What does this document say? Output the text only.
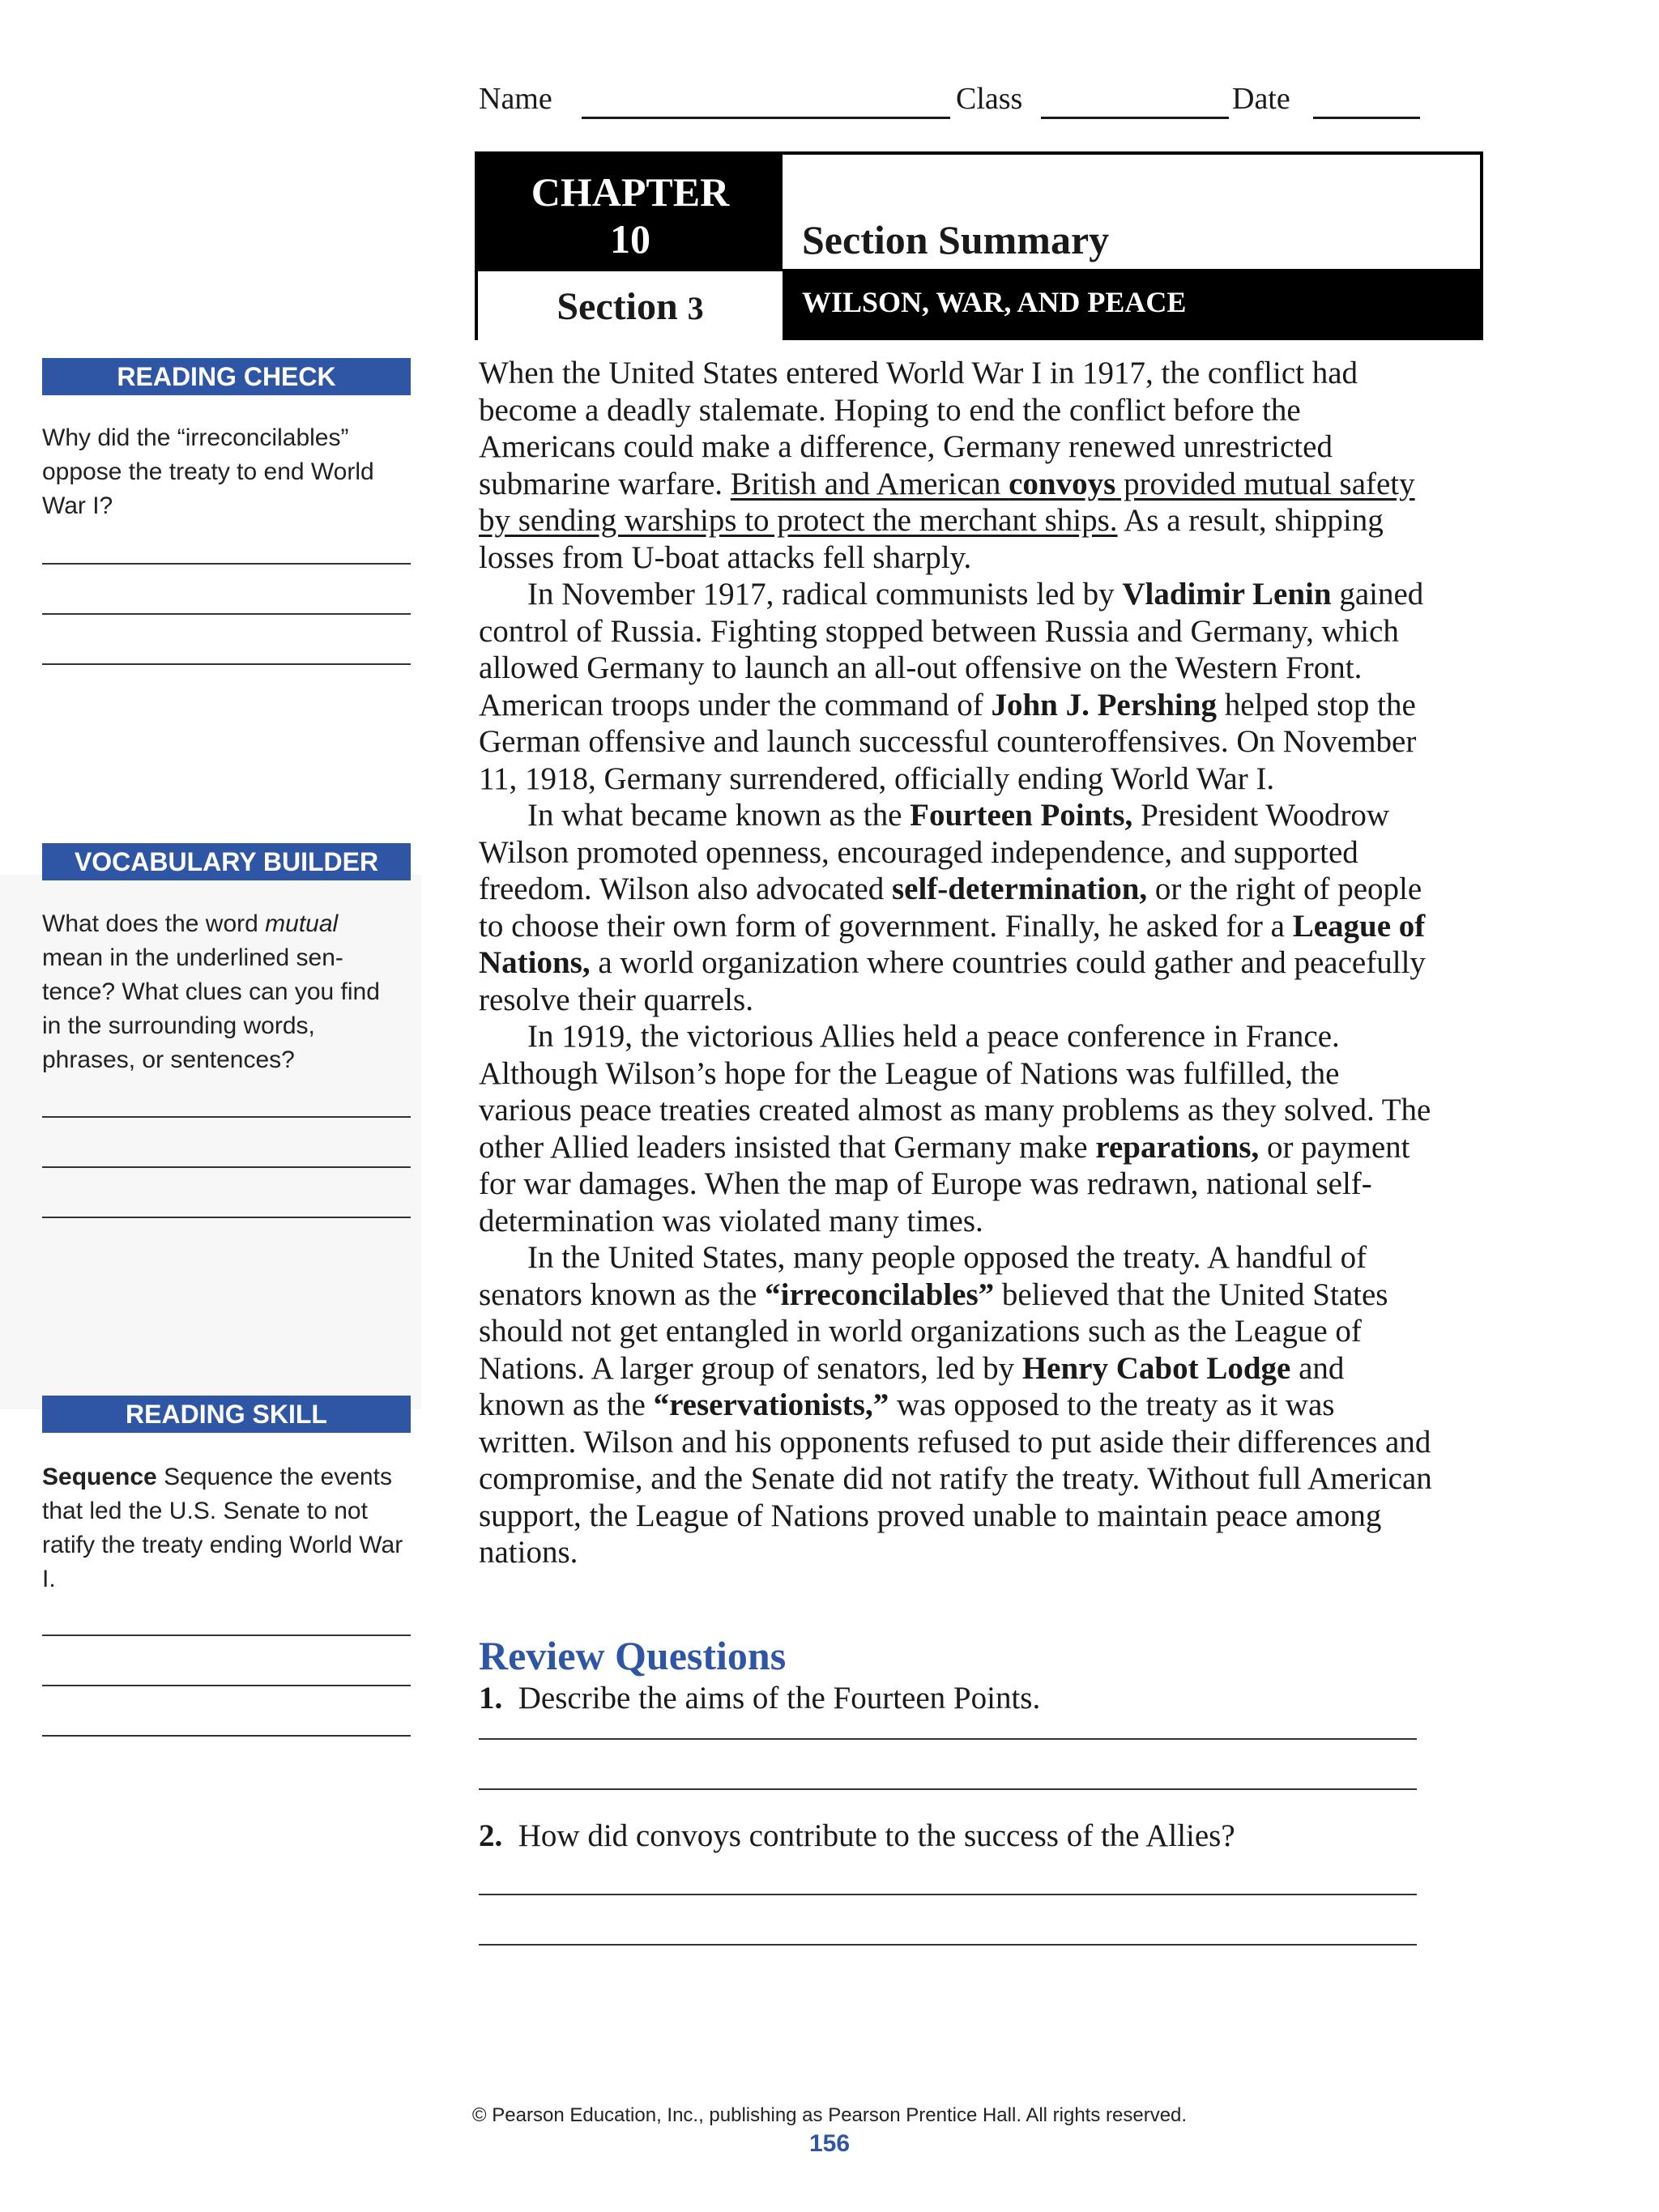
Name	Class	Date
CHAPTER
10	Section Summary
Section 3	WILSON, WAR, AND PEACE
READING CHECK
Why did the “irreconcilables” oppose the treaty to end World War I?
VOCABULARY BUILDER
What does the word mutual mean in the underlined sen-tence? What clues can you find in the surrounding words, phrases, or sentences?
READING SKILL
Sequence Sequence the events that led the U.S. Senate to not ratify the treaty ending World War I.

When the United States entered World War I in 1917, the conflict had become a deadly stalemate. Hoping to end the conflict before the Americans could make a difference, Germany renewed unrestricted submarine warfare. British and American convoys provided mutual safety by sending warships to protect the merchant ships. As a result, shipping losses from U-boat attacks fell sharply.

In November 1917, radical communists led by Vladimir Lenin gained control of Russia. Fighting stopped between Russia and Germany, which allowed Germany to launch an all-out offensive on the Western Front. American troops under the command of John J. Pershing helped stop the German offensive and launch successful counteroffensives. On November 11, 1918, Germany surrendered, officially ending World War I.

In what became known as the Fourteen Points, President Woodrow Wilson promoted openness, encouraged independence, and supported freedom. Wilson also advocated self-determination, or the right of people to choose their own form of government. Finally, he asked for a League of Nations, a world organization where countries could gather and peacefully resolve their quarrels.

In 1919, the victorious Allies held a peace conference in France. Although Wilson’s hope for the League of Nations was fulfilled, the various peace treaties created almost as many problems as they solved. The other Allied leaders insisted that Germany make reparations, or payment for war damages. When the map of Europe was redrawn, national self-determination was violated many times.

In the United States, many people opposed the treaty. A handful of senators known as the “irreconcilables” believed that the United States should not get entangled in world organizations such as the League of Nations. A larger group of senators, led by Henry Cabot Lodge and known as the “reservationists,” was opposed to the treaty as it was written. Wilson and his opponents refused to put aside their differences and compromise, and the Senate did not ratify the treaty. Without full American support, the League of Nations proved unable to maintain peace among nations.

Review Questions
1. Describe the aims of the Fourteen Points.
2. How did convoys contribute to the success of the Allies?
© Pearson Education, Inc., publishing as Pearson Prentice Hall. All rights reserved.
156
